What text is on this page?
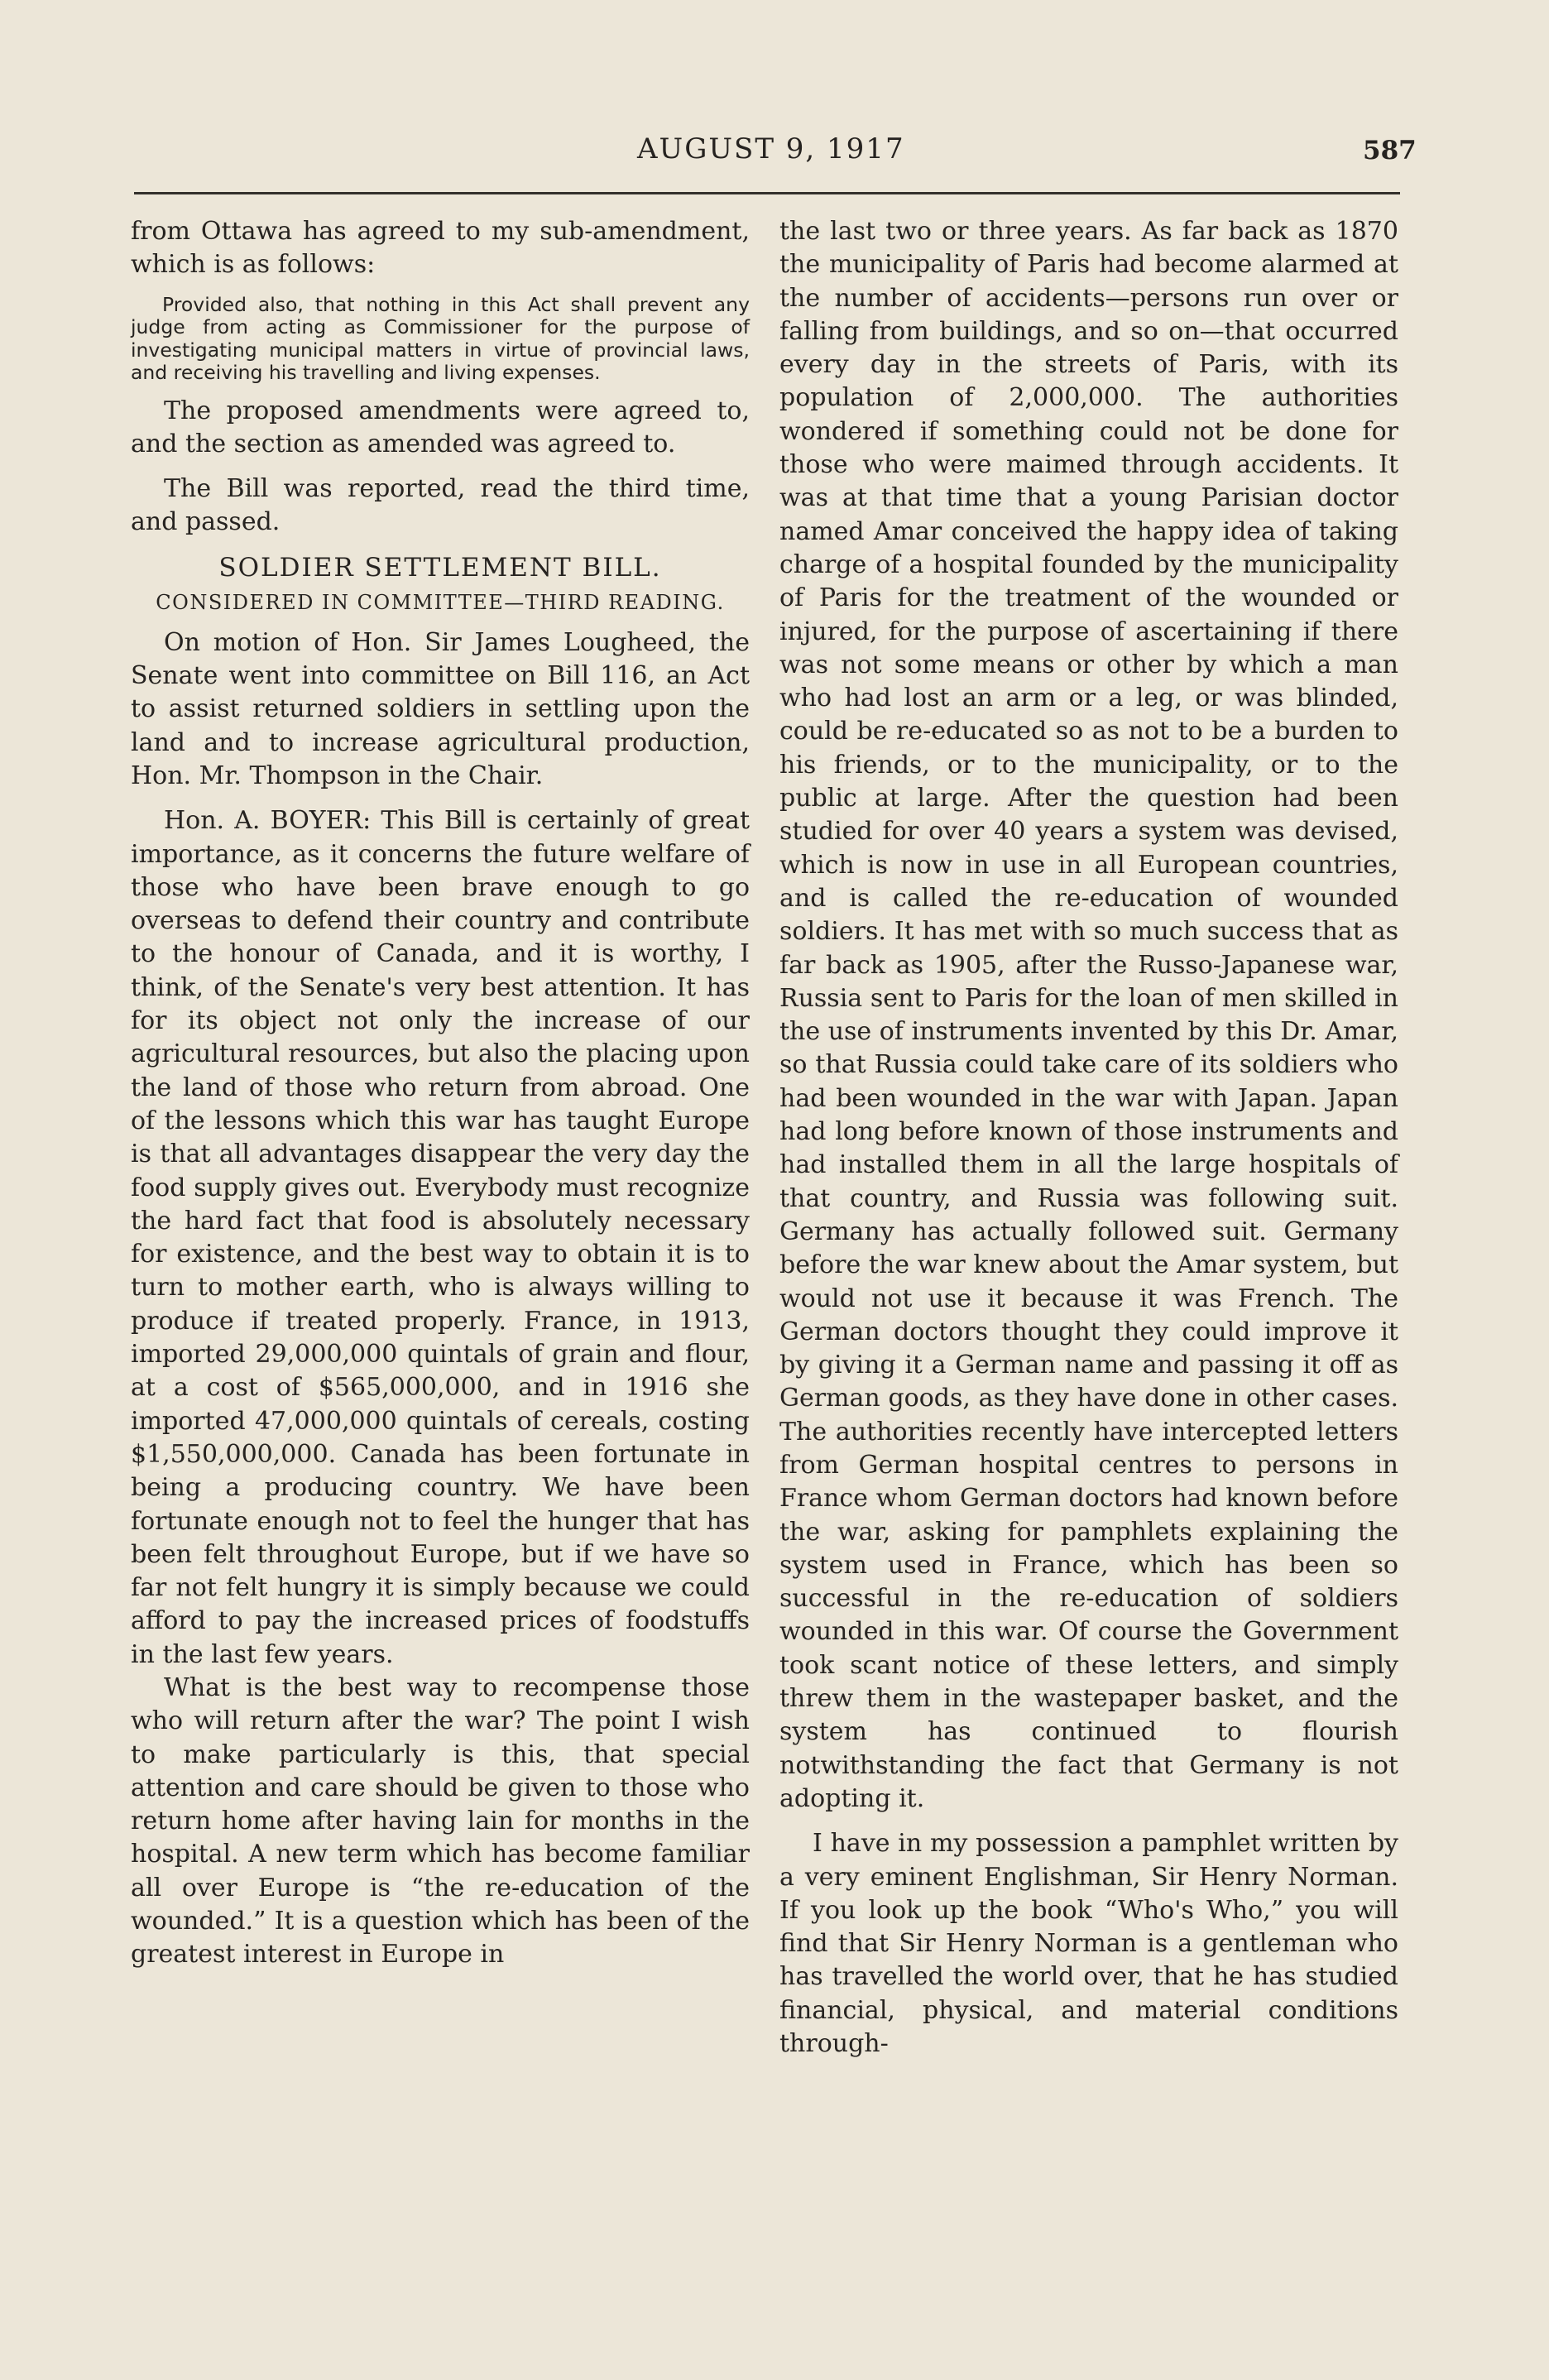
AUGUST 9, 1917	587

from Ottawa has agreed to my sub-amendment, which is as follows:

Provided also, that nothing in this Act shall prevent any judge from acting as Commissioner for the purpose of investigating municipal matters in virtue of provincial laws, and receiving his travelling and living expenses.

The proposed amendments were agreed to, and the section as amended was agreed to.

The Bill was reported, read the third time, and passed.

SOLDIER SETTLEMENT BILL.
CONSIDERED IN COMMITTEE—THIRD READING.

On motion of Hon. Sir James Lougheed, the Senate went into committee on Bill 116, an Act to assist returned soldiers in settling upon the land and to increase agricultural production, Hon. Mr. Thompson in the Chair.

Hon. A. BOYER: This Bill is certainly of great importance, as it concerns the future welfare of those who have been brave enough to go overseas to defend their country and contribute to the honour of Canada, and it is worthy, I think, of the Senate's very best attention. It has for its object not only the increase of our agricultural resources, but also the placing upon the land of those who return from abroad. One of the lessons which this war has taught Europe is that all advantages disappear the very day the food supply gives out. Everybody must recognize the hard fact that food is absolutely necessary for existence, and the best way to obtain it is to turn to mother earth, who is always willing to produce if treated properly. France, in 1913, imported 29,000,000 quintals of grain and flour, at a cost of $565,000,000, and in 1916 she imported 47,000,000 quintals of cereals, costing $1,550,000,000. Canada has been fortunate in being a producing country. We have been fortunate enough not to feel the hunger that has been felt throughout Europe, but if we have so far not felt hungry it is simply because we could afford to pay the increased prices of foodstuffs in the last few years.

What is the best way to recompense those who will return after the war? The point I wish to make particularly is this, that special attention and care should be given to those who return home after having lain for months in the hospital. A new term which has become familiar all over Europe is “the re-education of the wounded.” It is a question which has been of the greatest interest in Europe in

the last two or three years. As far back as 1870 the municipality of Paris had become alarmed at the number of accidents—persons run over or falling from buildings, and so on—that occurred every day in the streets of Paris, with its population of 2,000,000. The authorities wondered if something could not be done for those who were maimed through accidents. It was at that time that a young Parisian doctor named Amar conceived the happy idea of taking charge of a hospital founded by the municipality of Paris for the treatment of the wounded or injured, for the purpose of ascertaining if there was not some means or other by which a man who had lost an arm or a leg, or was blinded, could be re-educated so as not to be a burden to his friends, or to the municipality, or to the public at large. After the question had been studied for over 40 years a system was devised, which is now in use in all European countries, and is called the re-education of wounded soldiers. It has met with so much success that as far back as 1905, after the Russo-Japanese war, Russia sent to Paris for the loan of men skilled in the use of instruments invented by this Dr. Amar, so that Russia could take care of its soldiers who had been wounded in the war with Japan. Japan had long before known of those instruments and had installed them in all the large hospitals of that country, and Russia was following suit. Germany has actually followed suit. Germany before the war knew about the Amar system, but would not use it because it was French. The German doctors thought they could improve it by giving it a German name and passing it off as German goods, as they have done in other cases. The authorities recently have intercepted letters from German hospital centres to persons in France whom German doctors had known before the war, asking for pamphlets explaining the system used in France, which has been so successful in the re-education of soldiers wounded in this war. Of course the Government took scant notice of these letters, and simply threw them in the wastepaper basket, and the system has continued to flourish notwithstanding the fact that Germany is not adopting it.

I have in my possession a pamphlet written by a very eminent Englishman, Sir Henry Norman. If you look up the book “Who's Who,” you will find that Sir Henry Norman is a gentleman who has travelled the world over, that he has studied financial, physical, and material conditions through-
